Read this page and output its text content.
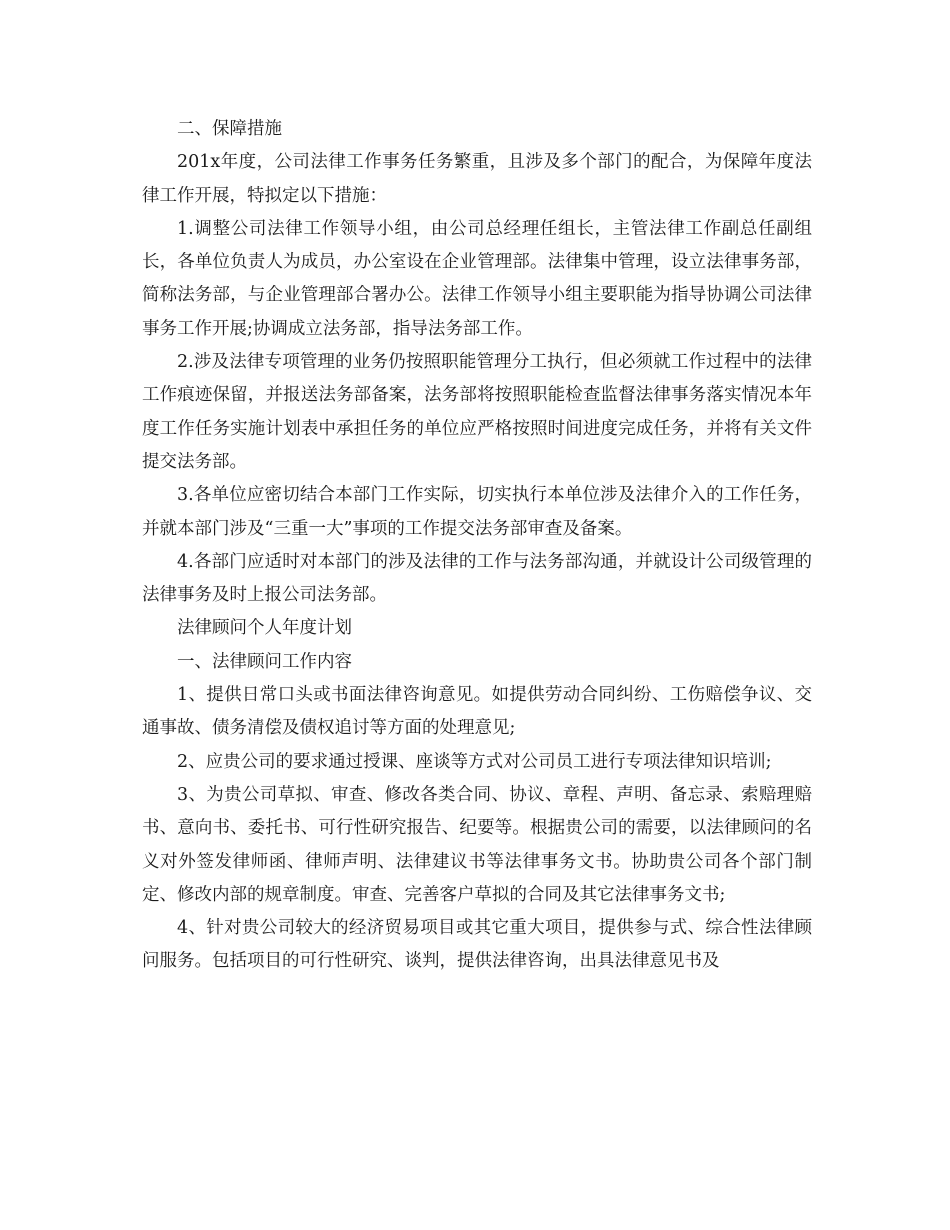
二、保障措施

201x年度，公司法律工作事务任务繁重，且涉及多个部门的配合，为保障年度法律工作开展，特拟定以下措施：

1.调整公司法律工作领导小组，由公司总经理任组长，主管法律工作副总任副组长，各单位负责人为成员，办公室设在企业管理部。法律集中管理，设立法律事务部，简称法务部，与企业管理部合署办公。法律工作领导小组主要职能为指导协调公司法律事务工作开展;协调成立法务部，指导法务部工作。

2.涉及法律专项管理的业务仍按照职能管理分工执行，但必须就工作过程中的法律工作痕迹保留，并报送法务部备案，法务部将按照职能检查监督法律事务落实情况本年度工作任务实施计划表中承担任务的单位应严格按照时间进度完成任务，并将有关文件提交法务部。

3.各单位应密切结合本部门工作实际，切实执行本单位涉及法律介入的工作任务，并就本部门涉及“三重一大”事项的工作提交法务部审查及备案。

4.各部门应适时对本部门的涉及法律的工作与法务部沟通，并就设计公司级管理的法律事务及时上报公司法务部。

法律顾问个人年度计划

一、法律顾问工作内容

1、提供日常口头或书面法律咨询意见。如提供劳动合同纠纷、工伤赔偿争议、交通事故、债务清偿及债权追讨等方面的处理意见;

2、应贵公司的要求通过授课、座谈等方式对公司员工进行专项法律知识培训;

3、为贵公司草拟、审查、修改各类合同、协议、章程、声明、备忘录、索赔理赔书、意向书、委托书、可行性研究报告、纪要等。根据贵公司的需要，以法律顾问的名义对外签发律师函、律师声明、法律建议书等法律事务文书。协助贵公司各个部门制定、修改内部的规章制度。审查、完善客户草拟的合同及其它法律事务文书;

4、针对贵公司较大的经济贸易项目或其它重大项目，提供参与式、综合性法律顾问服务。包括项目的可行性研究、谈判，提供法律咨询，出具法律意见书及
